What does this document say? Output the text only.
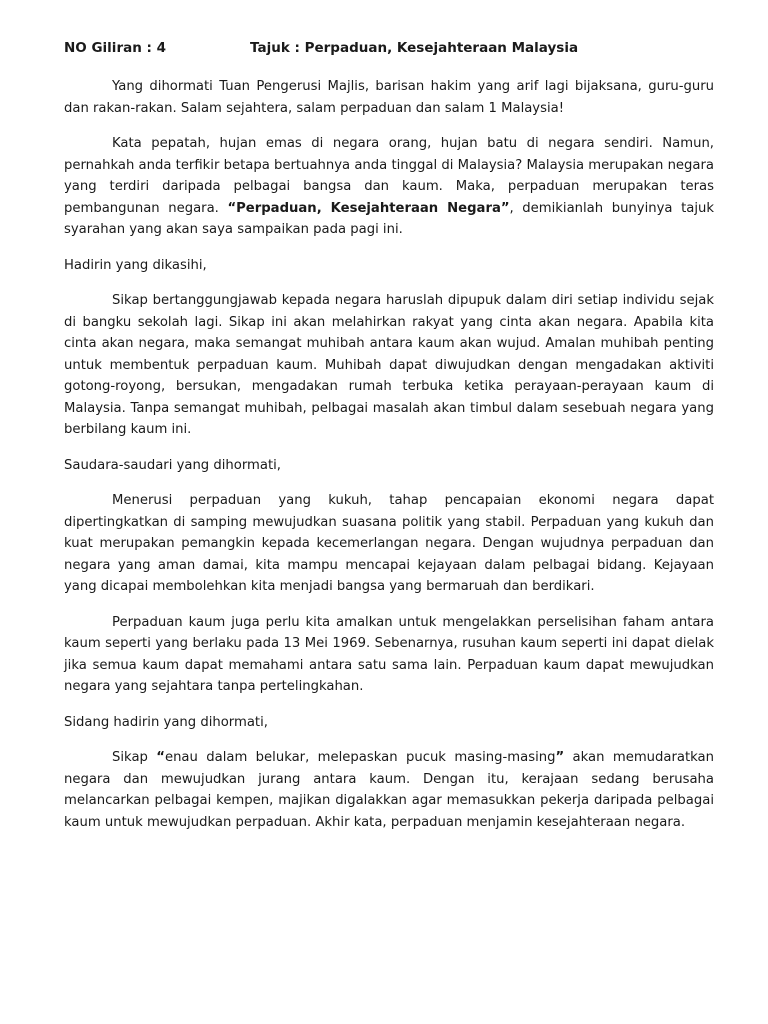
NO Giliran : 4	Tajuk : Perpaduan, Kesejahteraan Malaysia

Yang dihormati Tuan Pengerusi Majlis, barisan hakim yang arif lagi bijaksana, guru-guru dan rakan-rakan. Salam sejahtera, salam perpaduan dan salam 1 Malaysia!

Kata pepatah, hujan emas di negara orang, hujan batu di negara sendiri. Namun, pernahkah anda terfikir betapa bertuahnya anda tinggal di Malaysia? Malaysia merupakan negara yang terdiri daripada pelbagai bangsa dan kaum. Maka, perpaduan merupakan teras pembangunan negara. “Perpaduan, Kesejahteraan Negara”, demikianlah bunyinya tajuk syarahan yang akan saya sampaikan pada pagi ini.

Hadirin yang dikasihi,

Sikap bertanggungjawab kepada negara haruslah dipupuk dalam diri setiap individu sejak di bangku sekolah lagi. Sikap ini akan melahirkan rakyat yang cinta akan negara. Apabila kita cinta akan negara, maka semangat muhibah antara kaum akan wujud. Amalan muhibah penting untuk membentuk perpaduan kaum. Muhibah dapat diwujudkan dengan mengadakan aktiviti gotong-royong, bersukan, mengadakan rumah terbuka ketika perayaan-perayaan kaum di Malaysia. Tanpa semangat muhibah, pelbagai masalah akan timbul dalam sesebuah negara yang berbilang kaum ini.

Saudara-saudari yang dihormati,

Menerusi perpaduan yang kukuh, tahap pencapaian ekonomi negara dapat dipertingkatkan di samping mewujudkan suasana politik yang stabil. Perpaduan yang kukuh dan kuat merupakan pemangkin kepada kecemerlangan negara. Dengan wujudnya perpaduan dan negara yang aman damai, kita mampu mencapai kejayaan dalam pelbagai bidang. Kejayaan yang dicapai membolehkan kita menjadi bangsa yang bermaruah dan berdikari.

Perpaduan kaum juga perlu kita amalkan untuk mengelakkan perselisihan faham antara kaum seperti yang berlaku pada 13 Mei 1969. Sebenarnya, rusuhan kaum seperti ini dapat dielak jika semua kaum dapat memahami antara satu sama lain. Perpaduan kaum dapat mewujudkan negara yang sejahtara tanpa pertelingkahan.

Sidang hadirin yang dihormati,

Sikap “enau dalam belukar, melepaskan pucuk masing-masing” akan memudaratkan negara dan mewujudkan jurang antara kaum. Dengan itu, kerajaan sedang berusaha melancarkan pelbagai kempen, majikan digalakkan agar memasukkan pekerja daripada pelbagai kaum untuk mewujudkan perpaduan. Akhir kata, perpaduan menjamin kesejahteraan negara.
